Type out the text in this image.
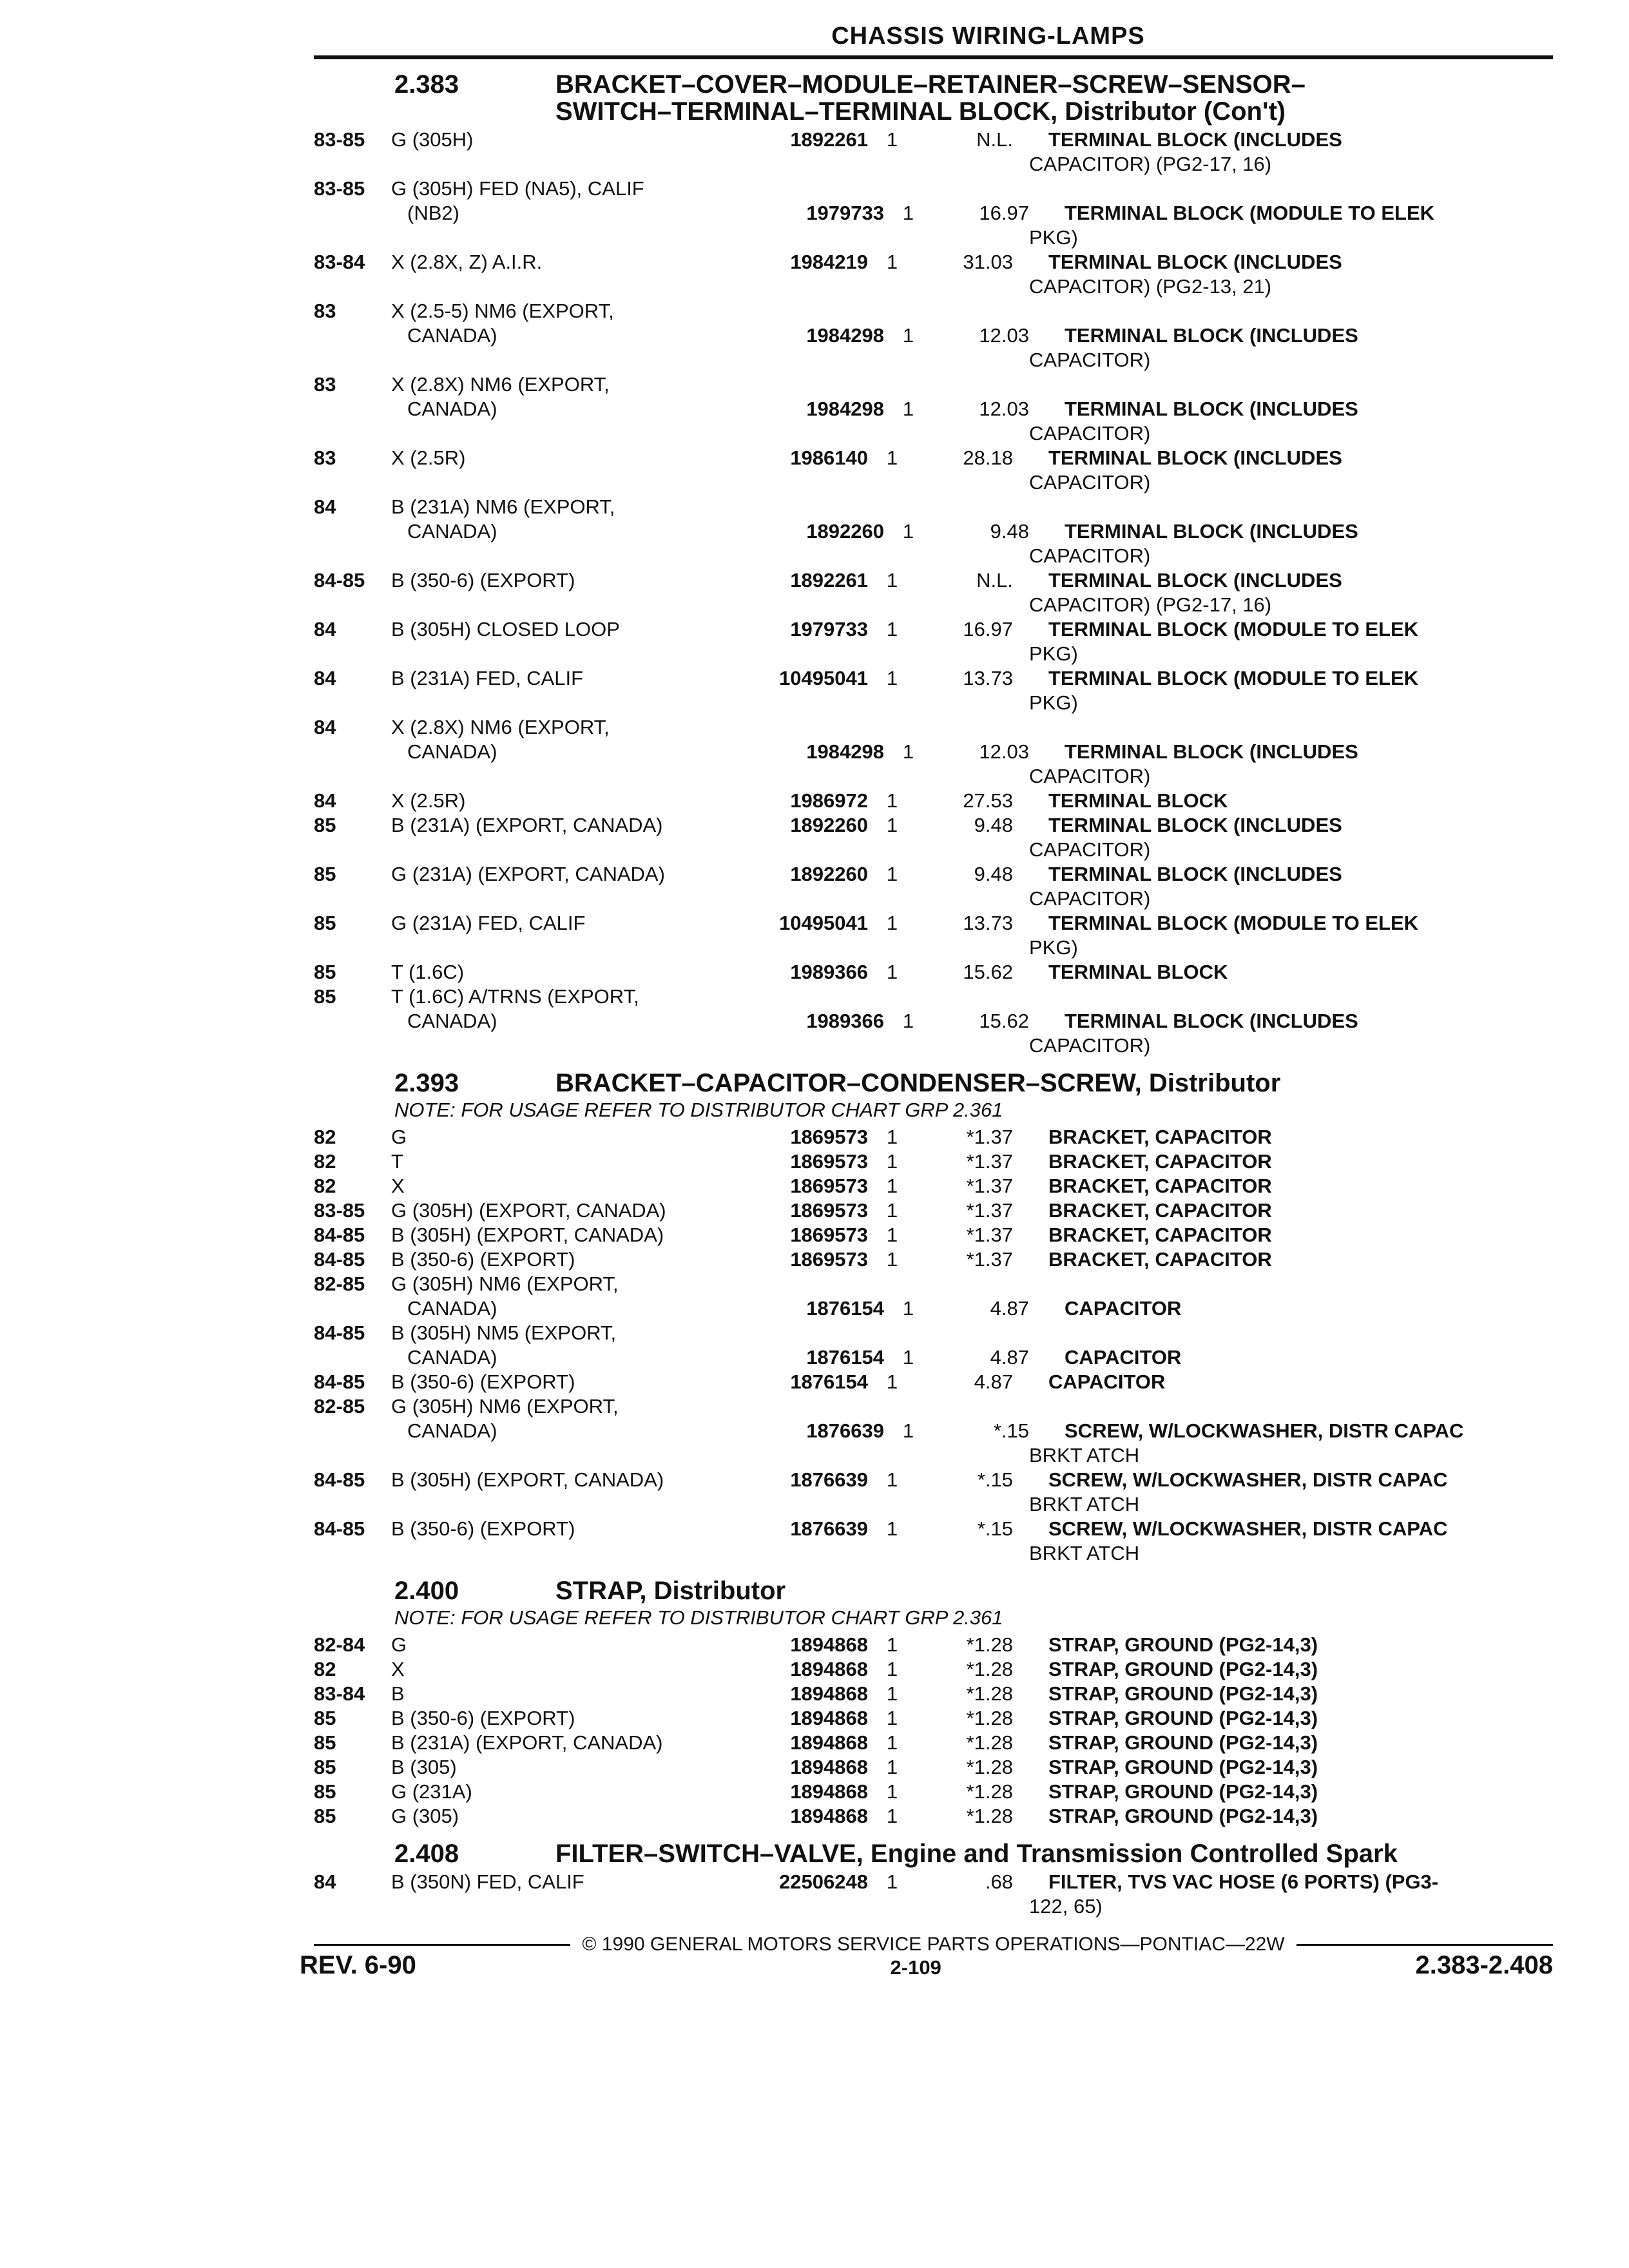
CHASSIS WIRING-LAMPS
2.383	BRACKET–COVER–MODULE–RETAINER–SCREW–SENSOR–
SWITCH–TERMINAL–TERMINAL BLOCK, Distributor (Con't)
83-85	G (305H)	1892261 1	N.L.	TERMINAL BLOCK (INCLUDES
CAPACITOR) (PG2-17, 16)
83-85	G (305H) FED (NA5), CALIF
(NB2)	1979733 1	16.97	TERMINAL BLOCK (MODULE TO ELEK
PKG)
83-84	X (2.8X, Z) A.I.R.	1984219 1	31.03	TERMINAL BLOCK (INCLUDES
CAPACITOR) (PG2-13, 21)
83	X (2.5-5) NM6 (EXPORT,
CANADA)	1984298 1	12.03	TERMINAL BLOCK (INCLUDES
CAPACITOR)
83	X (2.8X) NM6 (EXPORT,
CANADA)	1984298 1	12.03	TERMINAL BLOCK (INCLUDES
CAPACITOR)
83	X (2.5R)	1986140 1	28.18	TERMINAL BLOCK (INCLUDES
CAPACITOR)
84	B (231A) NM6 (EXPORT,
CANADA)	1892260 1	9.48	TERMINAL BLOCK (INCLUDES
CAPACITOR)
84-85	B (350-6) (EXPORT)	1892261 1	N.L.	TERMINAL BLOCK (INCLUDES
CAPACITOR) (PG2-17, 16)
84	B (305H) CLOSED LOOP	1979733 1	16.97	TERMINAL BLOCK (MODULE TO ELEK
PKG)
84	B (231A) FED, CALIF	10495041 1	13.73	TERMINAL BLOCK (MODULE TO ELEK
PKG)
84	X (2.8X) NM6 (EXPORT,
CANADA)	1984298 1	12.03	TERMINAL BLOCK (INCLUDES
CAPACITOR)
84	X (2.5R)	1986972 1	27.53	TERMINAL BLOCK
85	B (231A) (EXPORT, CANADA)	1892260 1	9.48	TERMINAL BLOCK (INCLUDES
CAPACITOR)
85	G (231A) (EXPORT, CANADA)	1892260 1	9.48	TERMINAL BLOCK (INCLUDES
CAPACITOR)
85	G (231A) FED, CALIF	10495041 1	13.73	TERMINAL BLOCK (MODULE TO ELEK
PKG)
85	T (1.6C)	1989366 1	15.62	TERMINAL BLOCK
85	T (1.6C) A/TRNS (EXPORT,
CANADA)	1989366 1	15.62	TERMINAL BLOCK (INCLUDES
CAPACITOR)
2.393	BRACKET–CAPACITOR–CONDENSER–SCREW, Distributor
NOTE: FOR USAGE REFER TO DISTRIBUTOR CHART GRP 2.361
82	G	1869573 1	*1.37	BRACKET, CAPACITOR
82	T	1869573 1	*1.37	BRACKET, CAPACITOR
82	X	1869573 1	*1.37	BRACKET, CAPACITOR
83-85	G (305H) (EXPORT, CANADA)	1869573 1	*1.37	BRACKET, CAPACITOR
84-85	B (305H) (EXPORT, CANADA)	1869573 1	*1.37	BRACKET, CAPACITOR
84-85	B (350-6) (EXPORT)	1869573 1	*1.37	BRACKET, CAPACITOR
82-85	G (305H) NM6 (EXPORT,
CANADA)	1876154 1	4.87	CAPACITOR
84-85	B (305H) NM5 (EXPORT,
CANADA)	1876154 1	4.87	CAPACITOR
84-85	B (350-6) (EXPORT)	1876154 1	4.87	CAPACITOR
82-85	G (305H) NM6 (EXPORT,
CANADA)	1876639 1	*.15	SCREW, W/LOCKWASHER, DISTR CAPAC
BRKT ATCH
84-85	B (305H) (EXPORT, CANADA)	1876639 1	*.15	SCREW, W/LOCKWASHER, DISTR CAPAC
BRKT ATCH
84-85	B (350-6) (EXPORT)	1876639 1	*.15	SCREW, W/LOCKWASHER, DISTR CAPAC
BRKT ATCH
2.400	STRAP, Distributor
NOTE: FOR USAGE REFER TO DISTRIBUTOR CHART GRP 2.361
82-84	G	1894868 1	*1.28	STRAP, GROUND (PG2-14,3)
82	X	1894868 1	*1.28	STRAP, GROUND (PG2-14,3)
83-84	B	1894868 1	*1.28	STRAP, GROUND (PG2-14,3)
85	B (350-6) (EXPORT)	1894868 1	*1.28	STRAP, GROUND (PG2-14,3)
85	B (231A) (EXPORT, CANADA)	1894868 1	*1.28	STRAP, GROUND (PG2-14,3)
85	B (305)	1894868 1	*1.28	STRAP, GROUND (PG2-14,3)
85	G (231A)	1894868 1	*1.28	STRAP, GROUND (PG2-14,3)
85	G (305)	1894868 1	*1.28	STRAP, GROUND (PG2-14,3)
2.408	FILTER–SWITCH–VALVE, Engine and Transmission Controlled Spark
84	B (350N) FED, CALIF	22506248 1	.68	FILTER, TVS VAC HOSE (6 PORTS) (PG3-
122, 65)
© 1990 GENERAL MOTORS SERVICE PARTS OPERATIONS—PONTIAC—22W
REV. 6-90	2-109	2.383-2.408
